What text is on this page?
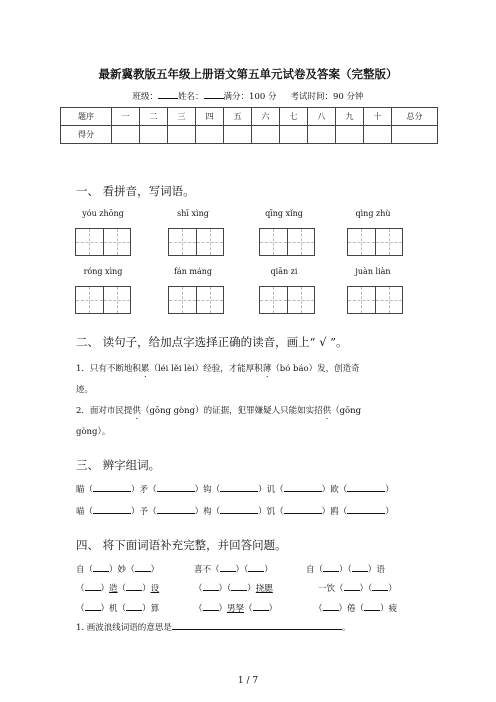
最新冀教版五年级上册语文第五单元试卷及答案（完整版）
班级： 姓名： 满分：100 分 考试时间：90 分钟
题序	一	二	三	四	五	六	七	八	九	十	总分
得分											
一、 看拼音，写词语。
yóu zhōng	shī xìng	qīng xǐng	qìng zhù
róng xìng	fán máng	qiān zi	juàn liàn
二、 读句子，给加点字选择正确的读音，画上“ √ ”。
1．只有不断地积累（léi lěi lèi）经验，才能厚积薄（bó báo）发，创造奇
迹。
2．面对市民提供（gōng gòng）的证据，犯罪嫌疑人只能如实招供（gōng
gòng）。
三、 辨字组词。
瞄（	）矛（	）钩（	）讥（	）欧（	）
喵（	）予（	）构（	）饥（	）鸥（	）
四、 将下面词语补充完整，并回答问题。
自（ ）妙（ ）	喜不（ ）（ ）	自（ ）（ ）语
（ ）造（ ）设	（ ）（ ）挠腮	一饮（ ）（ ）
（ ）机（ ）算	（ ）男孥（ ）	（ ）倦（ ）疲
1. 画波浪线词语的意思是	。
1 / 7
